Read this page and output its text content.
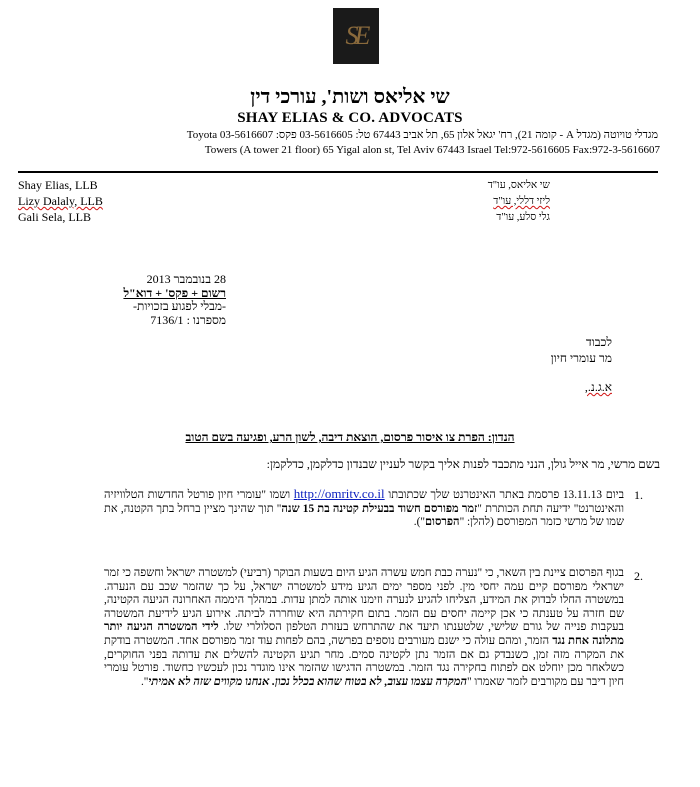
SE
שי אליאס ושות', עורכי דין
SHAY ELIAS & CO. ADVOCATS
מגדלי טויוטה (מגדל A - קומה 21), רח' יגאל אלון 65, תל אביב 67443 טל: 03-5616605 פקס: 03-5616607 Toyota
Towers (A tower 21 floor) 65 Yigal alon st, Tel Aviv 67443 Israel Tel:972-5616605 Fax:972-3-5616607
Shay Elias, LLB
Lizy Dalaly, LLB
Gali Sela, LLB
שי אליאס, עו"ד
ליזי דללי, עו"ד
גלי סלע, עו"ד
28 בנובמבר 2013
רשום + פקס' + דוא"ל
-מבלי לפגוע בזכויות-
מספרנו : 7136/1
לכבוד
מר עומרי חיון
א.ג.נ.,
הנדון: הפרת צו איסור פרסום, הוצאת דיבה, לשון הרע, ופגיעה בשם הטוב
בשם מרשי, מר אייל גולן, הנני מתכבד לפנות אליך בקשר לעניין שבנדון כדלקמן, כדלקמן:
1.
ביום 13.11.13 פרסמת באתר האינטרנט שלך שכתובתו http://omritv.co.il ושמו "עומרי חיון פורטל החדשות הטלוויזיה והאינטרנט" ידיעה תחת הכותרת "זמר מפורסם חשוד בבעילת קטינה בת 15 שנה" תוך שהינך מציין ברחל בתך הקטנה, את שמו של מרשי כזמר המפורסם (להלן: "הפרסום").
2.
בגוף הפרסום ציינת בין השאר, כי "נערה כבת חמש עשרה הגיע היום בשעות הבוקר (רביעי) למשטרה ישראל וחשפה כי זמר ישראלי מפורסם קיים עמה יחסי מין. לפני מספר ימים הגיע מידע למשטרה ישראל, על כך שהזמר שכב עם הנערה. במשטרה החלו לבדוק את המידע, הצליחו להגיע לנערה וזימנו אותה למתן עדות. במהלך היממה האחרונה הגיעה הקטינה, שם חזרה על טענתה כי אכן קיימה יחסים עם הזמר. בתום חקירתה היא שוחררה לביתה. אירוע הגיע לידיעת המשטרה בעקבות פנייה של גורם שלישי, שלטענתו תיעד את שהתרחש בעזרת הטלפון הסלולרי שלו. לידי המשטרה הגיעה יותר מתלונה אחת נגד הזמר, ומהם עולה כי ישנם מעורבים נוספים בפרשה, בהם לפחות עוד זמר מפורסם אחד. המשטרה בודקת את המקרה מזה זמן, כשנבדק גם אם הזמר נתן לקטינה סמים. מחר תגיע הקטינה להשלים את עדותה בפני החוקרים, כשלאחר מכן יוחלט אם לפתוח בחקירה נגד הזמר. במשטרה הדגישו שהזמר אינו מוגדר נכון לעכשיו כחשוד. פורטל עומרי חיון דיבר עם מקורבים לזמר שאמרו "המקרה עצמו עצוב, לא בטוח שהוא בכלל נכון. אנחנו מקווים שזה לא אמיתי".
